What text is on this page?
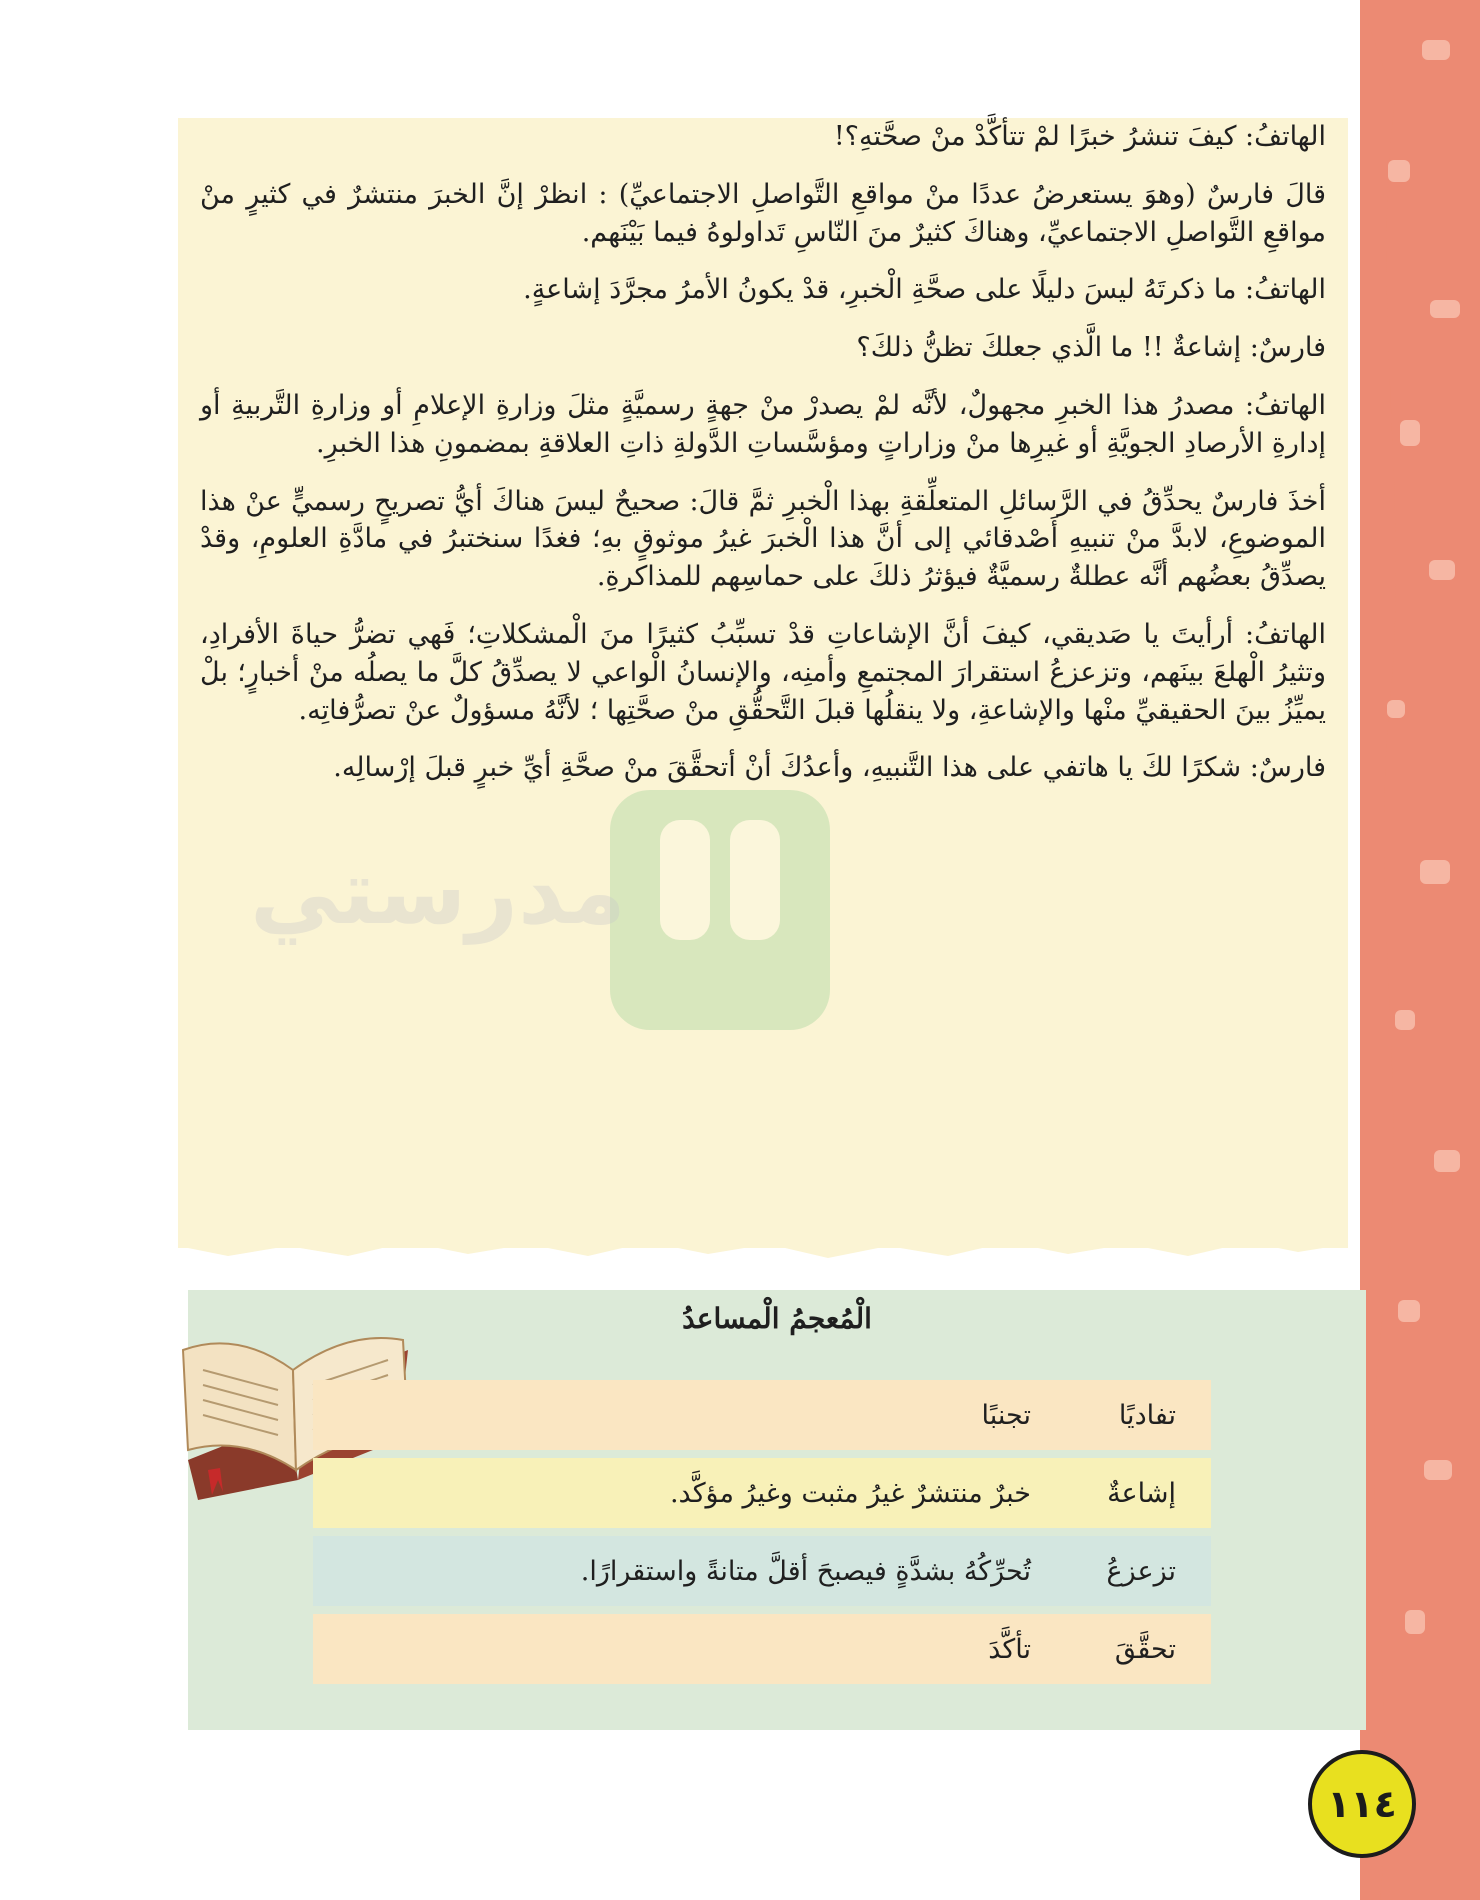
الهاتفُ: كيفَ تنشرُ خبرًا لمْ تتأكَّدْ منْ صحَّتهِ؟!

قالَ فارسٌ (وهوَ يستعرضُ عددًا منْ مواقعِ التَّواصلِ الاجتماعيِّ) : انظرْ إنَّ الخبرَ منتشرٌ في كثيرٍ منْ مواقعِ التَّواصلِ الاجتماعيِّ، وهناكَ كثيرٌ منَ النّاسِ تَداولوهُ فيما بَيْنَهم.

الهاتفُ: ما ذكرتَهُ ليسَ دليلًا على صحَّةِ الْخبرِ، قدْ يكونُ الأمرُ مجرَّدَ إشاعةٍ.

فارسٌ: إشاعةٌ !! ما الَّذي جعلكَ تظنُّ ذلكَ؟

الهاتفُ: مصدرُ هذا الخبرِ مجهولٌ، لأنَّه لمْ يصدرْ منْ جهةٍ رسميَّةٍ مثلَ وزارةِ الإعلامِ أو وزارةِ التَّربيةِ أو إدارةِ الأرصادِ الجويَّةِ أو غيرِها منْ وزاراتٍ ومؤسَّساتِ الدَّولةِ ذاتِ العلاقةِ بمضمونِ هذا الخبرِ.

أخذَ فارسٌ يحدِّقُ في الرَّسائلِ المتعلِّقةِ بهذا الْخبرِ ثمَّ قالَ: صحيحٌ ليسَ هناكَ أيُّ تصريحٍ رسميٍّ عنْ هذا الموضوعِ، لابدَّ منْ تنبيهِ أَصْدقائي إلى أنَّ هذا الْخبرَ غيرُ موثوقٍ بهِ؛ فغدًا سنختبرُ في مادَّةِ العلومِ، وقدْ يصدِّقُ بعضُهم أنَّه عطلةٌ رسميَّةٌ فيؤثرُ ذلكَ على حماسِهم للمذاكرةِ.

الهاتفُ: أرأيتَ يا صَديقي، كيفَ أنَّ الإشاعاتِ قدْ تسبِّبُ كثيرًا منَ الْمشكلاتِ؛ فَهي تضرُّ حياةَ الأفرادِ، وتثيرُ الْهلعَ بينَهم، وتزعزعُ استقرارَ المجتمعِ وأمنِه، والإنسانُ الْواعي لا يصدِّقُ كلَّ ما يصلُه منْ أخبارٍ؛ بلْ يميِّزُ بينَ الحقيقيِّ منْها والإشاعةِ، ولا ينقلُها قبلَ التَّحقُّقِ منْ صحَّتِها ؛ لأنَّهُ مسؤولٌ عنْ تصرُّفاتِه.

فارسٌ: شكرًا لكَ يا هاتفي على هذا التَّنبيهِ، وأعدُكَ أنْ أتحقَّقَ منْ صحَّةِ أيِّ خبرٍ قبلَ إرْسالِه.

مدرستي
الْمُعجمُ الْمساعدُ
تفاديًا
تجنبًا
إشاعةٌ
خبرٌ منتشرٌ غيرُ مثبت وغيرُ مؤكَّد.
تزعزعُ
تُحرِّكُهُ بشدَّةٍ فيصبحَ أقلَّ متانةً واستقرارًا.
تحقَّقَ
تأكَّدَ
١١٤
